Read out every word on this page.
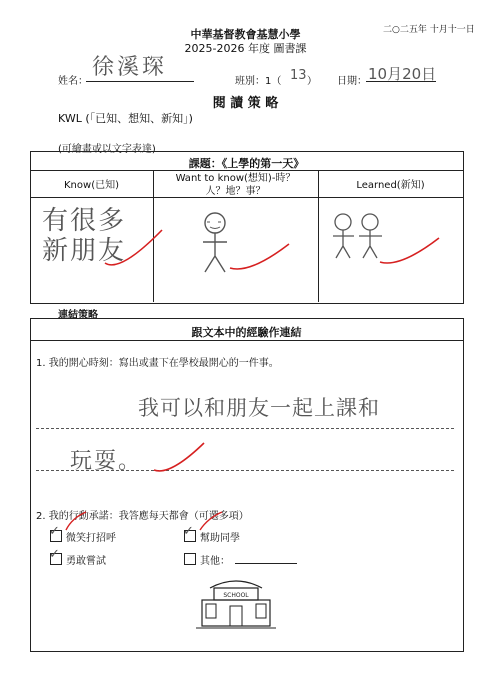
二○二五年 十月十一日
中華基督教會基慧小學
2025-2026 年度 圖書課
姓名：
徐溪琛
班別：1（ 13 ） 日期： 10月20日
閱 讀 策 略
KWL (「已知、想知、新知」)
(可繪畫或以文字表達)
課題：《上學的第一天》
Know(已知)
Want to know(想知)-時？
人？地？事？
Learned(新知)
有很多
新朋友
連結策略
跟文本中的經驗作連結
1. 我的開心時刻：寫出或畫下在學校最開心的一件事。
我可以和朋友一起上課和
玩耍。
2. 我的行動承諾：我答應每天都會（可選多項）
✓ 微笑打招呼	✓ 幫助同學
✓ 勇敢嘗試	其他：
SCHOOL
